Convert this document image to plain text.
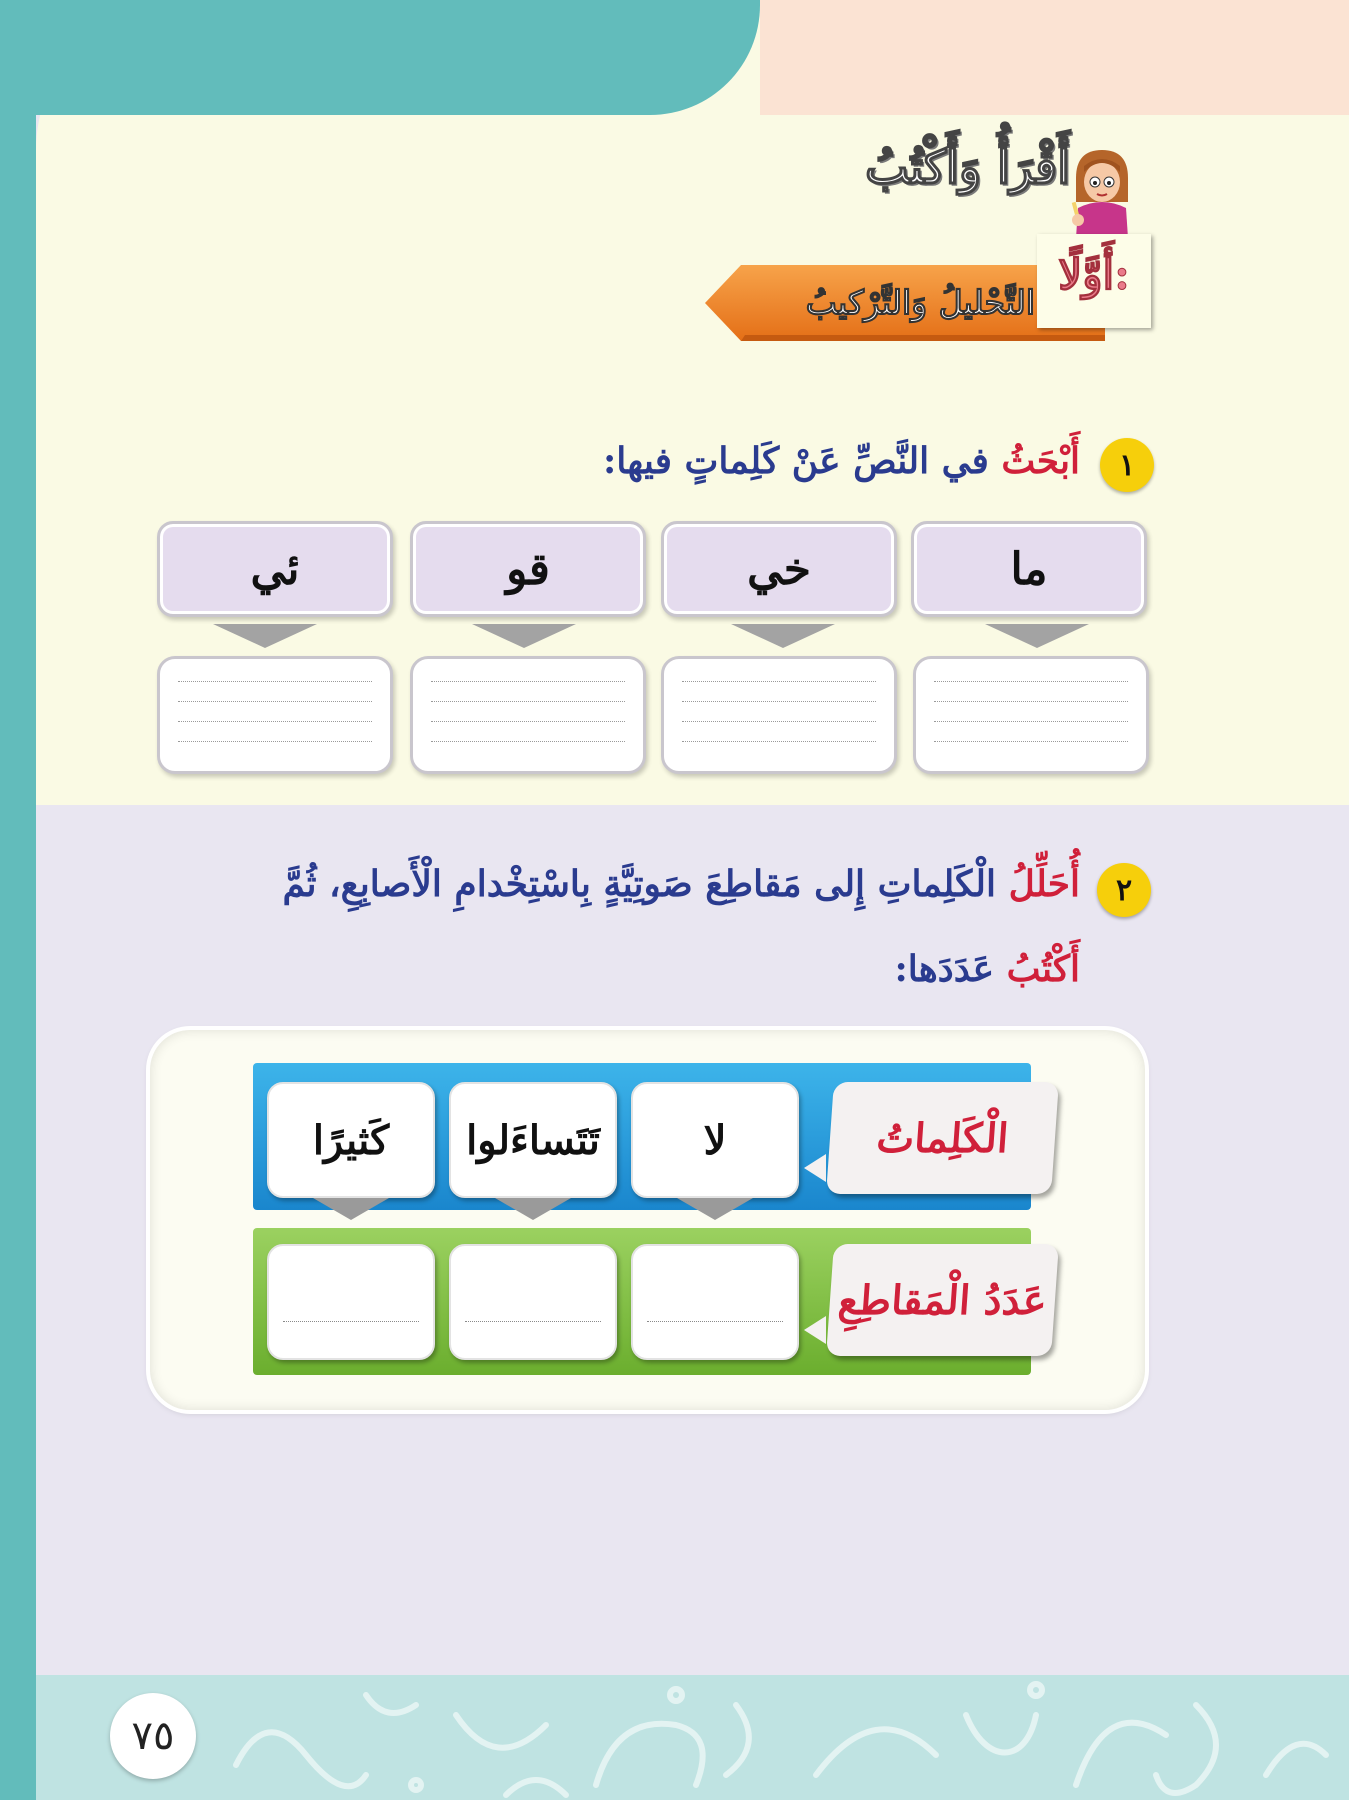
٧٥
أَقْرَأُ وَأَكْتُبُ
التَّحْليلُ وَالتَّرْكيبُ
أَوَّلًا:
١
أَبْحَثُ في النَّصِّ عَنْ كَلِماتٍ فيها:
ما
خي
قو
ئي
٢
أُحَلِّلُ الْكَلِماتِ إِلى مَقاطِعَ صَوتِيَّةٍ بِاسْتِخْدامِ الْأَصابِعِ، ثُمَّ
أَكْتُبُ عَدَدَها:
لا
تَتَساءَلوا
كَثيرًا	الْكَلِماتُ
عَدَدُ الْمَقاطِعِ
